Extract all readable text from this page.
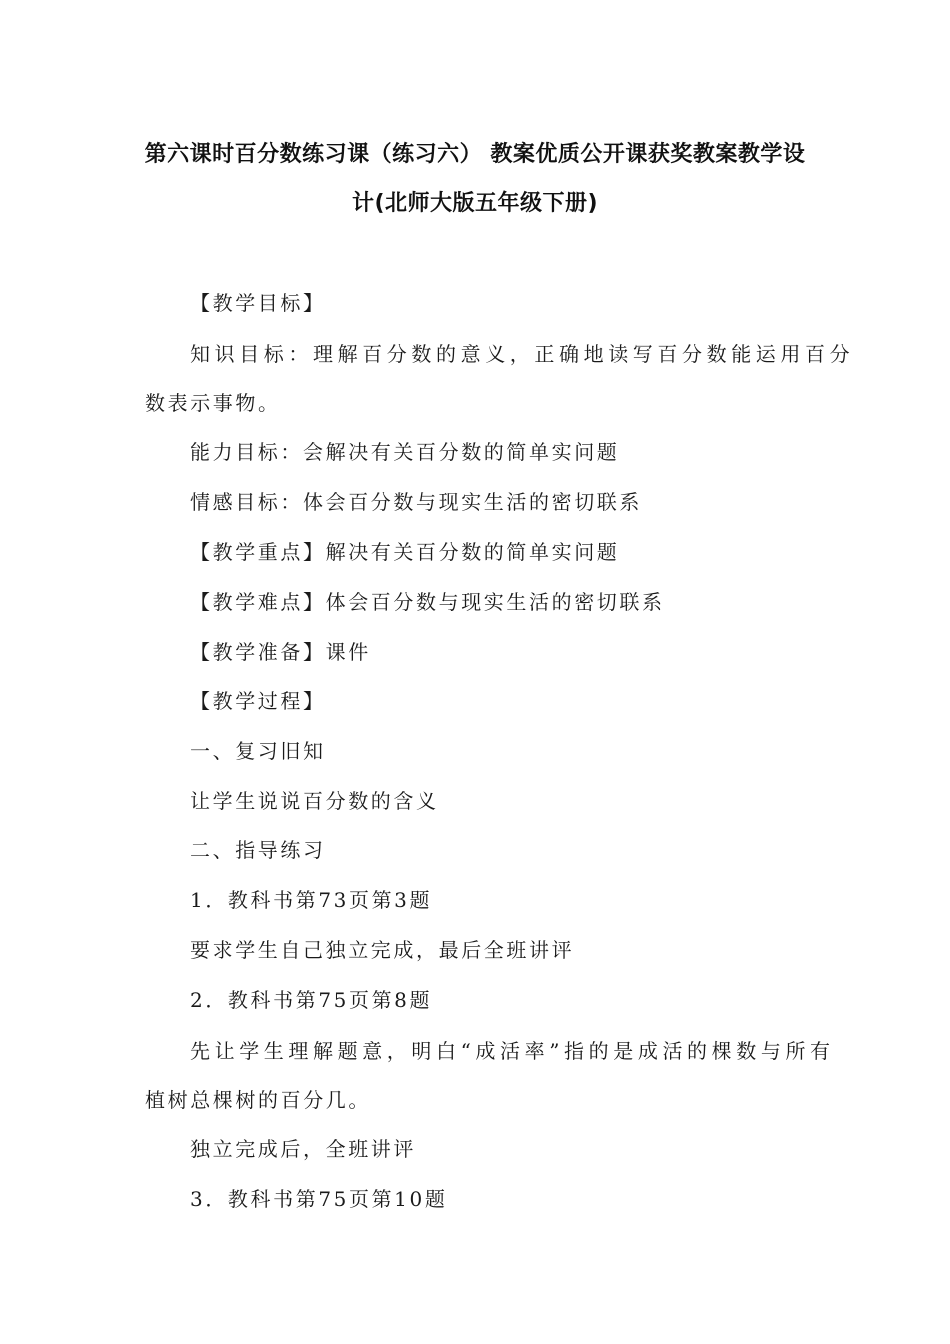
第六课时百分数练习课（练习六） 教案优质公开课获奖教案教学设
计(北师大版五年级下册)
【教学目标】
知识目标：理解百分数的意义，正确地读写百分数能运用百分
数表示事物。
能力目标：会解决有关百分数的简单实问题
情感目标：体会百分数与现实生活的密切联系
【教学重点】解决有关百分数的简单实问题
【教学难点】体会百分数与现实生活的密切联系
【教学准备】课件
【教学过程】
一、复习旧知
让学生说说百分数的含义
二、指导练习
1．教科书第73页第3题
要求学生自己独立完成，最后全班讲评
2．教科书第75页第8题
先让学生理解题意，明白“成活率”指的是成活的棵数与所有
植树总棵树的百分几。
独立完成后，全班讲评
3．教科书第75页第10题
